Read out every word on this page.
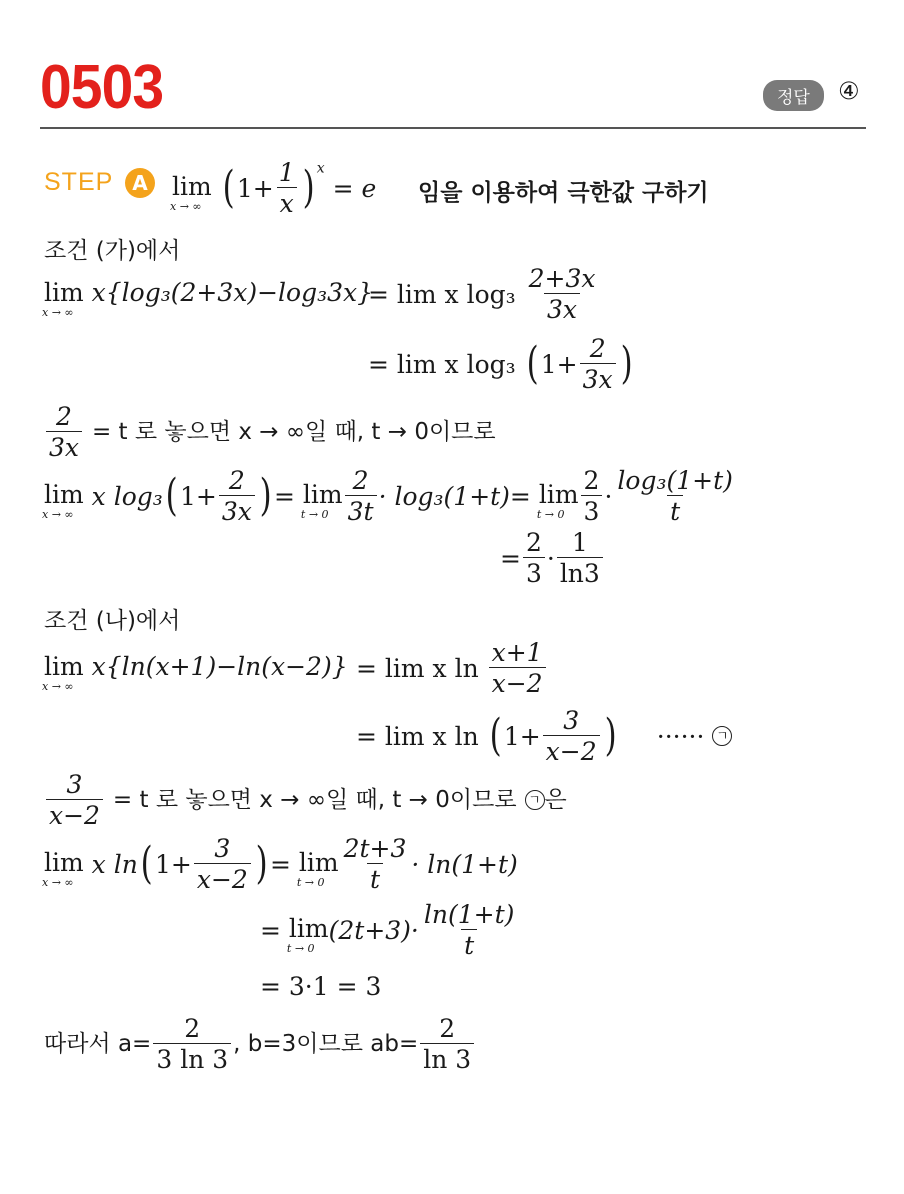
0503	정답	④
STEP A lim
x → ∞ ( $1+ \frac{1}{x}$ ) $^x$ = e 임을 이용하여 극한값 구하기
조건 (가)에서
lim
x → ∞
x{log₃(2+3x)−log₃3x}
= lim x $\log_3 \frac{2+3x}{3x}$
= lim x log₃ ( $1+ \frac{2}{3x}$ )
$\frac{2}{3x} = t$ 로 놓으면 x → ∞일 때, t → 0이므로
lim
x → ∞
x log₃( $1+ \frac{2}{3x}$ ) = lim
$t \to 0 \frac{2}{3t} \cdot \log_3(1+t)= \lim$
$t \to 0 \frac{2}{3} \cdot \frac{\text{log₃(1+t)}}{t}$
= $\frac{2}{3} \cdot \frac{1}{\ln 3}$
조건 (나)에서
lim
x → ∞
x{ln(x+1)−ln(x−2)} = lim x $\ln \frac{x+1}{x-2}$
= lim x ln ( $1+ \frac{3}{x-2}$ ) ······ ㄱ
$\frac{3}{x-2} = t$ 로 놓으면 x → ∞일 때, t → 0이므로 ㄱ 은
lim
x → ∞
x ln( $1+ \frac{3}{x-2}$ ) = lim
$t \to 0 \frac{2t+3}{t} \cdot \ln(1+t)$
= lim
t → 0
$(2t+3)\cdot \frac{\ln(1+t)}{t}$
= 3·1 = 3
따라서 $a= \frac{2}{3 \ln 3}$ , b=3이므로 $ab= \frac{2}{\ln 3}$
